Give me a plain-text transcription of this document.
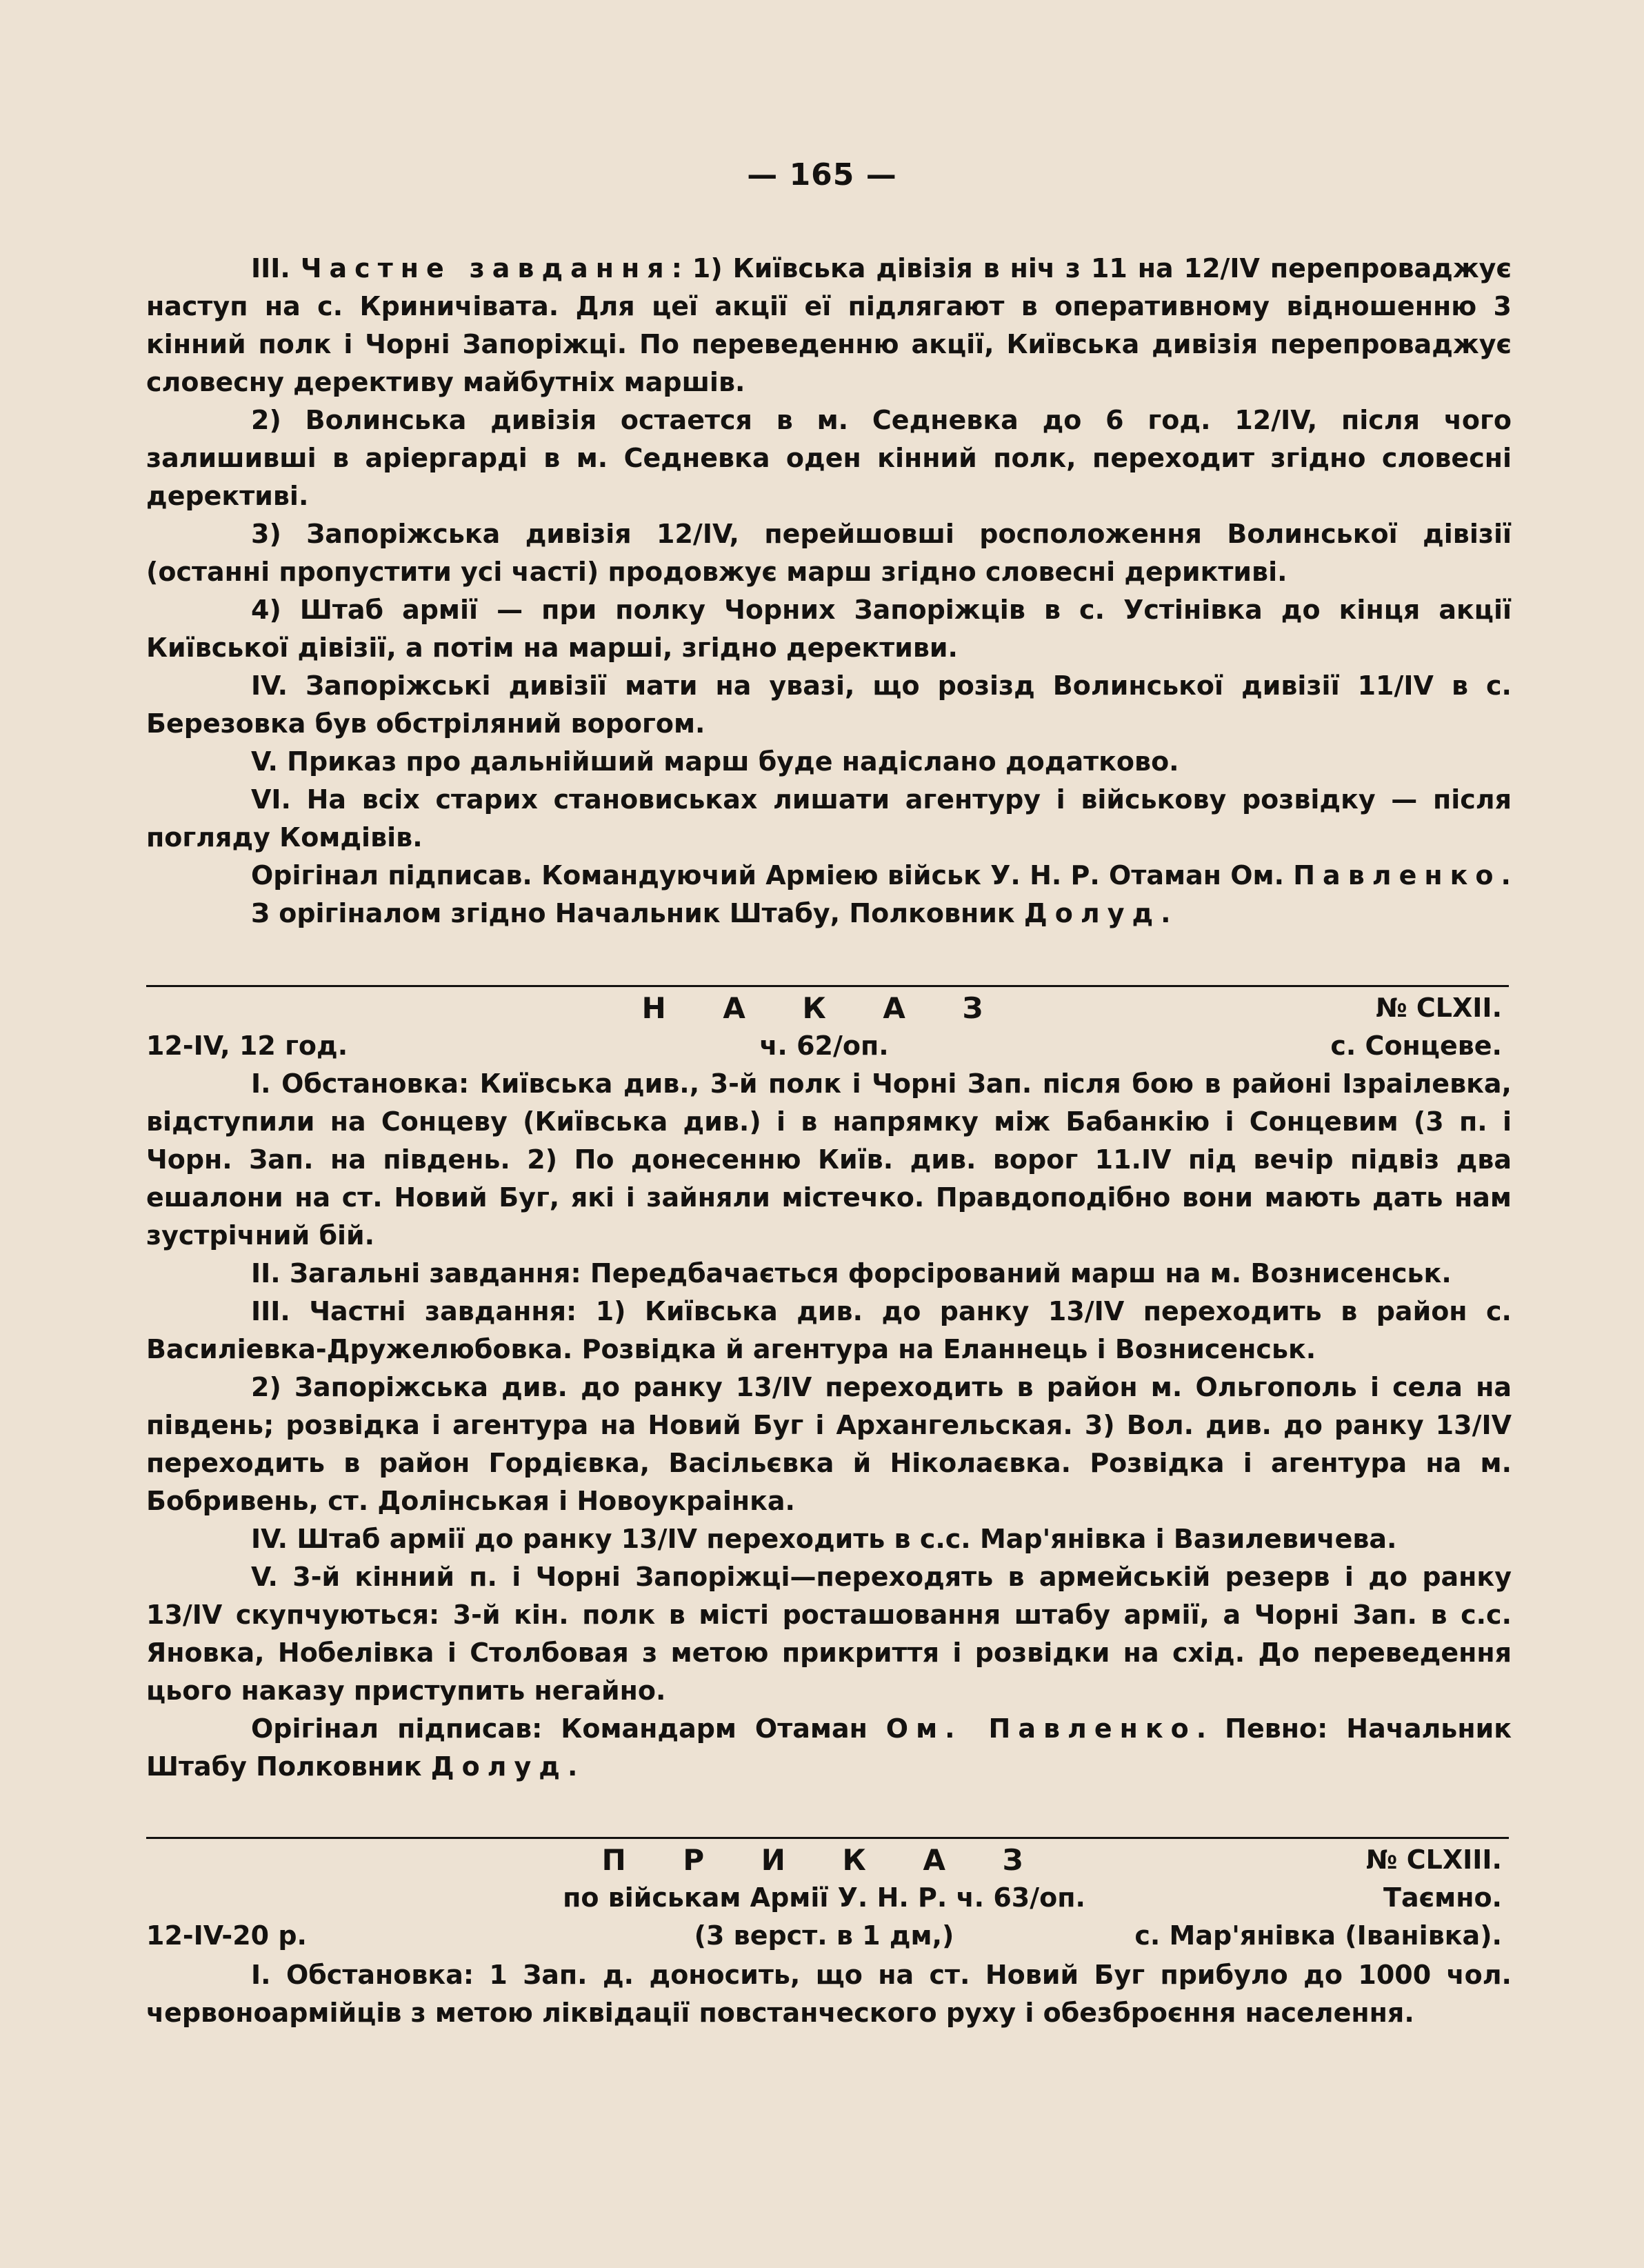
— 165 —

III. Частне завдання: 1) Київська дівізія в ніч з 11 на 12/IV перепроваджує наступ на с. Криничівата. Для цеї акції еї підлягают в оперативному відношенню 3 кінний полк і Чорні Запоріжці. По переведенню акції, Київська дивізія перепроваджує словесну дерективу майбутніх маршів.

2) Волинська дивізія остается в м. Седневка до 6 год. 12/IV, після чого залишивші в аріергарді в м. Седневка оден кінний полк, переходит згідно словесні дерективі.

3) Запоріжська дивізія 12/IV, перейшовші росположення Волинської дівізії (останні пропустити усі часті) продовжує марш згідно словесні дериктиві.

4) Штаб армії — при полку Чорних Запоріжців в с. Устінівка до кінця акції Київської дівізії, а потім на марші, згідно дерективи.

IV. Запоріжські дивізії мати на увазі, що розізд Волинської дивізії 11/IV в с. Березовка був обстріляний ворогом.

V. Приказ про дальнійший марш буде надіслано додатково.

VI. На всіх старих становиськах лишати агентуру і військову розвідку — після погляду Комдівів.

Орігінал підписав. Командуючий Арміею військ У. Н. Р. Отаман Ом. Павленко.

З орігіналом згідно Начальник Штабу, Полковник Долуд.

Н А К А З	№ CLXII.
12-IV, 12 год.	ч. 62/оп.	с. Сонцеве.

I. Обстановка: Київська див., 3-й полк і Чорні Зап. після бою в районі Ізраілевка, відступили на Сонцеву (Київська див.) і в напрямку між Бабанкію і Сонцевим (3 п. і Чорн. Зап. на південь. 2) По донесенню Київ. див. ворог 11.IV під вечір підвіз два ешалони на ст. Новий Буг, які і зайняли містечко. Правдоподібно вони мають дать нам зустрічний бій.

II. Загальні завдання: Передбачається форсірований марш на м. Вознисенськ.

III. Частні завдання: 1) Київська див. до ранку 13/IV переходить в район с. Василіевка-Дружелюбовка. Розвідка й агентура на Еланнець і Вознисенськ.

2) Запоріжська див. до ранку 13/IV переходить в район м. Ольгополь і села на південь; розвідка і агентура на Новий Буг і Архангельская. 3) Вол. див. до ранку 13/IV переходить в район Гордієвка, Васільєвка й Ніколаєвка. Розвідка і агентура на м. Бобривень, ст. Долінськая і Новоукраінка.

IV. Штаб армії до ранку 13/IV переходить в с.с. Мар'янівка і Вазилевичева.

V. 3-й кінний п. і Чорні Запоріжці—переходять в армейській резерв і до ранку 13/IV скупчуються: 3-й кін. полк в місті росташовання штабу армії, а Чорні Зап. в с.с. Яновка, Нобелівка і Столбовая з метою прикриття і розвідки на схід. До переведення цього наказу приступить негайно.

Орігінал підписав: Командарм Отаман Ом. Павленко. Певно: Начальник Штабу Полковник Долуд.

П Р И К А З	№ CLXIII.
по військам Армії У. Н. Р. ч. 63/оп.	Таємно.
12-IV-20 р.	(3 верст. в 1 дм,)	с. Мар'янівка (Іванівка).

I. Обстановка: 1 Зап. д. доносить, що на ст. Новий Буг прибуло до 1000 чол. червоноармійців з метою ліквідації повстанческого руху і обезброєння населення.
